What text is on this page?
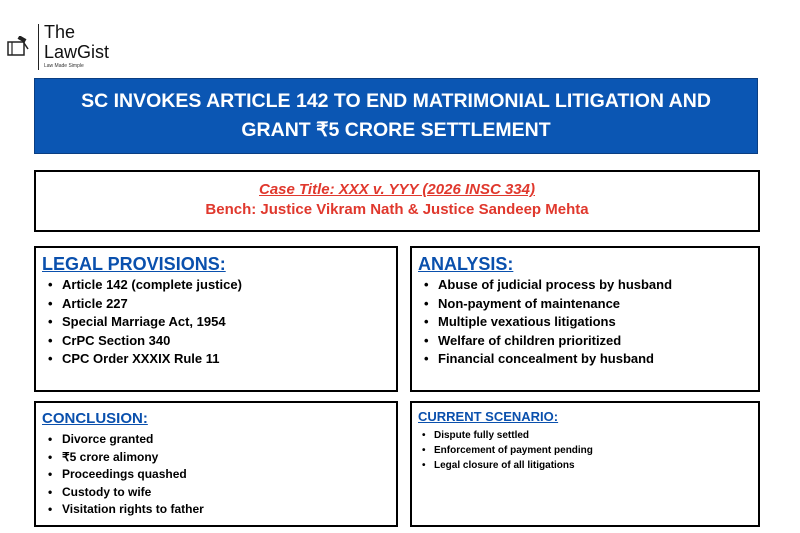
The
LawGist
Law Made Simple
SC INVOKES ARTICLE 142 TO END MATRIMONIAL LITIGATION AND GRANT ₹5 CRORE SETTLEMENT
Case Title: XXX v. YYY (2026 INSC 334)
Bench: Justice Vikram Nath & Justice Sandeep Mehta
LEGAL PROVISIONS:
• Article 142 (complete justice)
• Article 227
• Special Marriage Act, 1954
• CrPC Section 340
• CPC Order XXXIX Rule 11
ANALYSIS:
• Abuse of judicial process by husband
• Non-payment of maintenance
• Multiple vexatious litigations
• Welfare of children prioritized
• Financial concealment by husband
CONCLUSION:
• Divorce granted
• ₹5 crore alimony
• Proceedings quashed
• Custody to wife
• Visitation rights to father
CURRENT SCENARIO:
• Dispute fully settled
• Enforcement of payment pending
• Legal closure of all litigations
